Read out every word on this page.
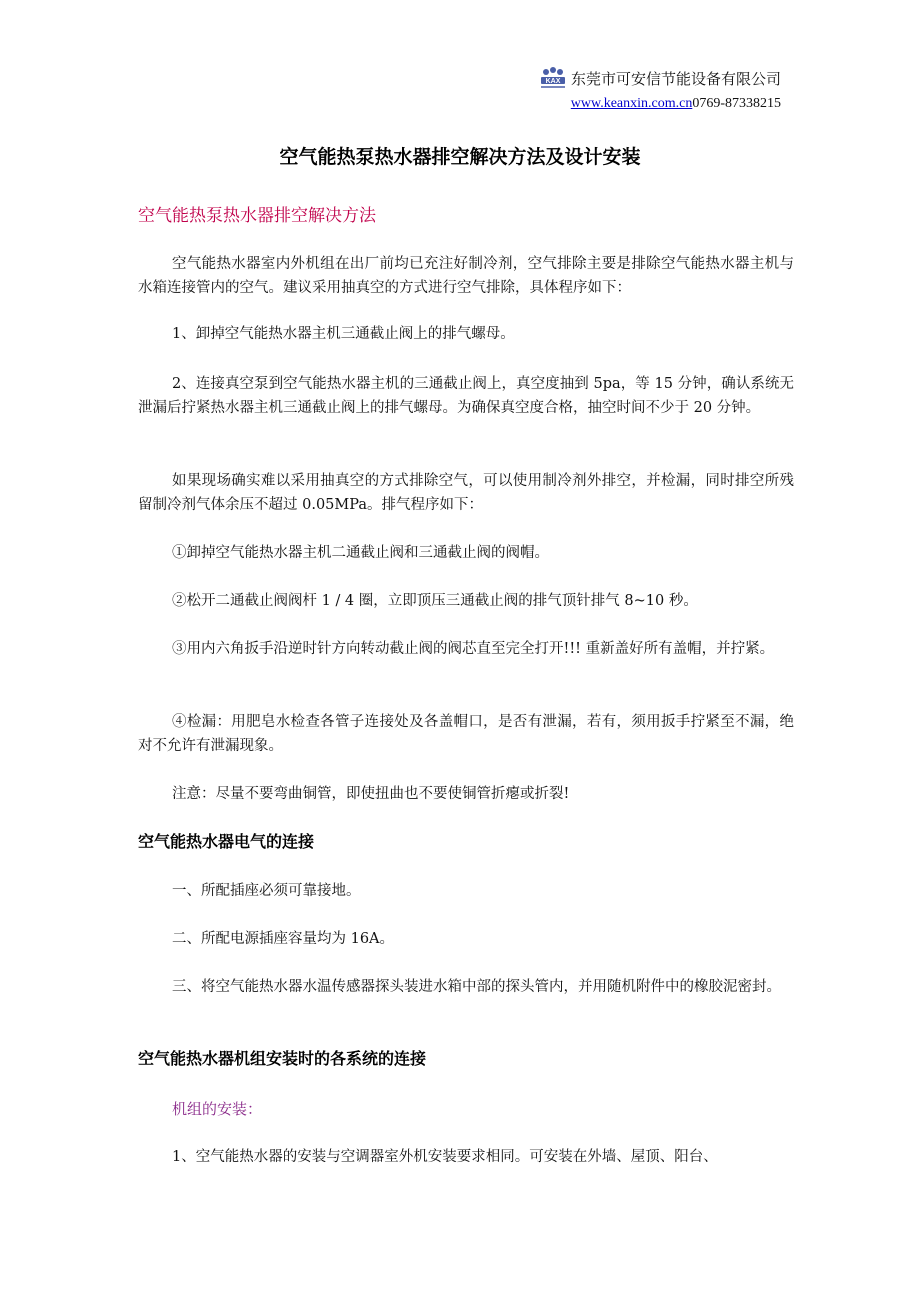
KAX 东莞市可安信节能设备有限公司
www.keanxin.com.cn0769-87338215
空气能热泵热水器排空解决方法及设计安装
空气能热泵热水器排空解决方法

空气能热水器室内外机组在出厂前均已充注好制冷剂，空气排除主要是排除空气能热水器主机与水箱连接管内的空气。建议采用抽真空的方式进行空气排除，具体程序如下：

1、卸掉空气能热水器主机三通截止阀上的排气螺母。

2、连接真空泵到空气能热水器主机的三通截止阀上，真空度抽到 5pa，等 15 分钟，确认系统无泄漏后拧紧热水器主机三通截止阀上的排气螺母。为确保真空度合格，抽空时间不少于 20 分钟。

如果现场确实难以采用抽真空的方式排除空气，可以使用制冷剂外排空，并检漏，同时排空所残留制冷剂气体余压不超过 0.05MPa。排气程序如下：

①卸掉空气能热水器主机二通截止阀和三通截止阀的阀帽。

②松开二通截止阀阀杆 1 / 4 圈，立即顶压三通截止阀的排气顶针排气 8~10 秒。

③用内六角扳手沿逆时针方向转动截止阀的阀芯直至完全打开!!! 重新盖好所有盖帽，并拧紧。

④检漏：用肥皂水检查各管子连接处及各盖帽口，是否有泄漏，若有，须用扳手拧紧至不漏，绝对不允许有泄漏现象。

注意：尽量不要弯曲铜管，即使扭曲也不要使铜管折瘪或折裂!

空气能热水器电气的连接

一、所配插座必须可靠接地。

二、所配电源插座容量均为 16A。

三、将空气能热水器水温传感器探头装进水箱中部的探头管内，并用随机附件中的橡胶泥密封。

空气能热水器机组安装时的各系统的连接
机组的安装：

1、空气能热水器的安装与空调器室外机安装要求相同。可安装在外墙、屋顶、阳台、
